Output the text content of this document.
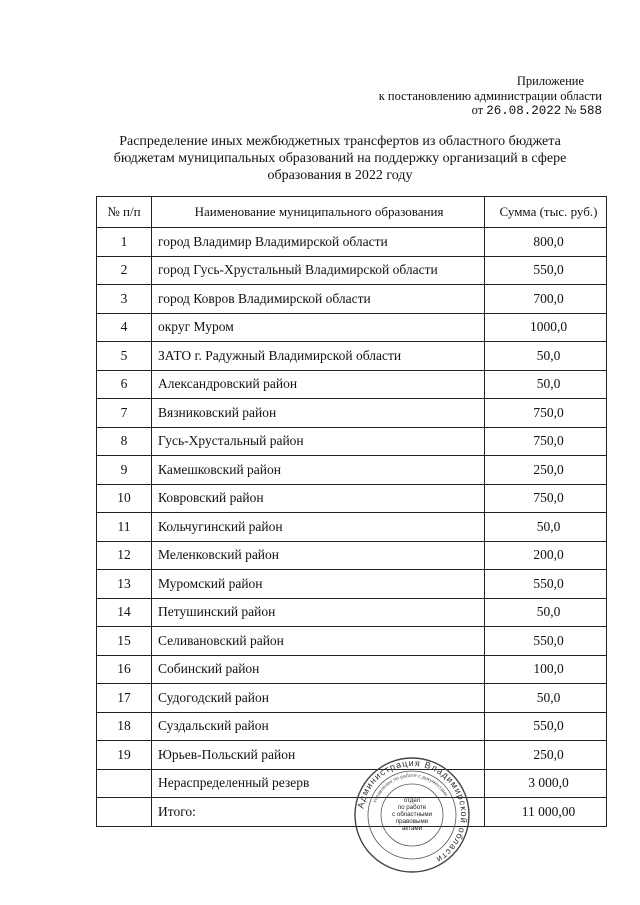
Приложение
к постановлению администрации области
от 26.08.2022 № 588
Распределение иных межбюджетных трансфертов из областного бюджета
бюджетам муниципальных образований на поддержку организаций в сфере
образования в 2022 году
№ п/п	Наименование муниципального образования	Сумма (тыс. руб.)
1	город Владимир Владимирской области	800,0
2	город Гусь-Хрустальный Владимирской области	550,0
3	город Ковров Владимирской области	700,0
4	округ Муром	1000,0
5	ЗАТО г. Радужный Владимирской области	50,0
6	Александровский район	50,0
7	Вязниковский район	750,0
8	Гусь-Хрустальный район	750,0
9	Камешковский район	250,0
10	Ковровский район	750,0
11	Кольчугинский район	50,0
12	Меленковский район	200,0
13	Муромский район	550,0
14	Петушинский район	50,0
15	Селивановский район	550,0
16	Собинский район	100,0
17	Судогодский район	50,0
18	Суздальский район	550,0
19	Юрьев-Польский район	250,0
	Нераспределенный резерв	3 000,0
	Итого:	11 000,00
Администрация Владимирской области
Управление по работе с документами
отдел
по работе
с областными
правовыми
актами
